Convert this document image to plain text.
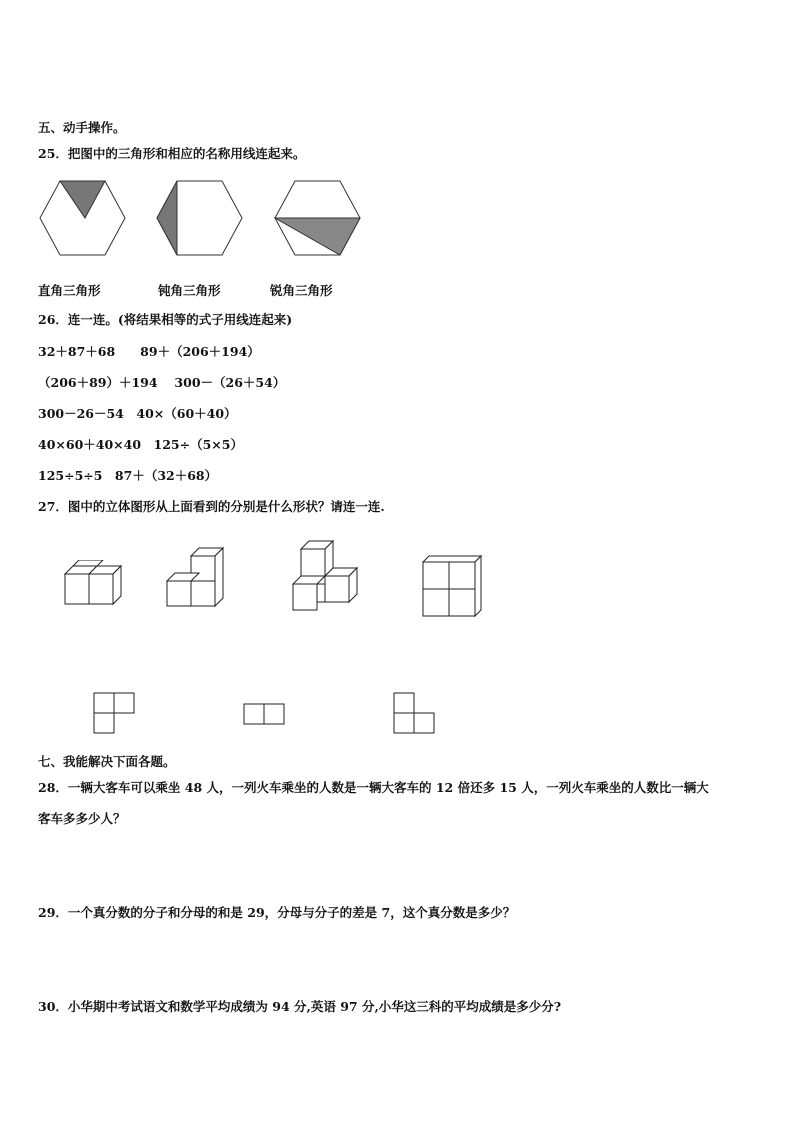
五、动手操作。
25．把图中的三角形和相应的名称用线连起来。
直角三角形	钝角三角形	锐角三角形
26．连一连。(将结果相等的式子用线连起来)
32＋87＋68　　89＋（206＋194）
（206＋89）＋194　 300－（26＋54）
300－26－54　40×（60＋40）
40×60＋40×40　125÷（5×5）
125÷5÷5　87＋（32＋68）
27．图中的立体图形从上面看到的分别是什么形状？请连一连.
七、我能解决下面各题。
28．一辆大客车可以乘坐 48 人，一列火车乘坐的人数是一辆大客车的 12 倍还多 15 人，一列火车乘坐的人数比一辆大
客车多多少人？
29．一个真分数的分子和分母的和是 29，分母与分子的差是 7，这个真分数是多少？
30．小华期中考试语文和数学平均成绩为 94 分,英语 97 分,小华这三科的平均成绩是多少分?
